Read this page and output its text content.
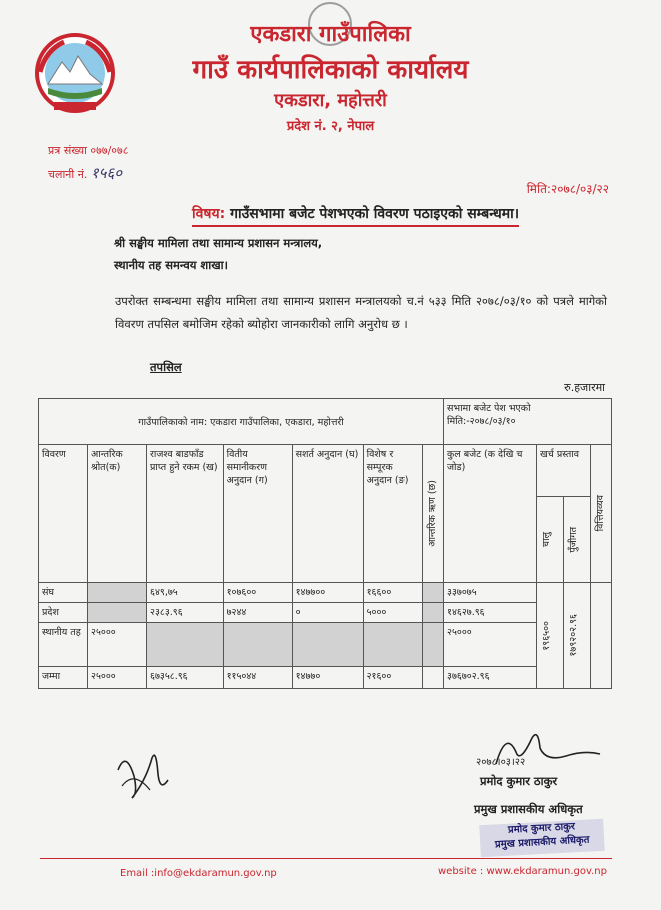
एकडारा गाउँपालिका
गाउँ कार्यपालिकाको कार्यालय
एकडारा, महोत्तरी
प्रदेश नं. २, नेपाल
प्रत्र संख्या ०७७/०७८
चलानी नं. १५६०
मिति:२०७८/०३/२२
विषय: गाउँसभामा बजेट पेशभएको विवरण पठाइएको सम्बन्धमा।
श्री सङ्घीय मामिला तथा सामान्य प्रशासन मन्त्रालय,
स्थानीय तह समन्वय शाखा।
उपरोक्त सम्बन्धमा सङ्घीय मामिला तथा सामान्य प्रशासन मन्त्रालयको च.नं ५३३ मिति २०७८/०३/१० को पत्रले मागेको विवरण तपसिल बमोजिम रहेको ब्योहोरा जानकारीको लागि अनुरोध छ ।
तपसिल
रु.हजारमा
गाउँपालिकाको नाम: एकडारा गाउँपालिका, एकडारा, महोत्तरी							सभामा बजेट पेश भएको
मिति:-२०७८/०३/१०			

विवरण	आन्तरिक श्रोत(क)	राजश्व बाडफाँड प्राप्त हुने रकम (ख)	वितीय समानीकरण अनुदान (ग)	सशर्त अनुदान (घ)	विशेष र सम्पूरक अनुदान (ङ)	आन्तरिक ऋण (छ)	कुल बजेट (क देखि च जोड)	खर्च प्रस्ताव		वित्तियव्यव

								चालु	पुँजीगत	

संघ		६४९,७५	१०७६००	१४७७००	१६६००		३३७०७५	१९६५००	१७९२०२.९६	

प्रदेश		२३८३.९६	७२४४	०	५०००		१४६२७.९६			
स्थानीय तह	२५०००						२५०००			
जम्मा	२५०००	६७३५८.९६	११५०४४	१४७७०	२१६००		३७६७०२.९६			
२०७८।०३।२२
प्रमोद कुमार ठाकुर
प्रमुख प्रशासकीय अधिकृत
प्रमोद कुमार ठाकुर
प्रमुख प्रशासकीय अधिकृत
Email :info@ekdaramun.gov.np	website : www.ekdaramun.gov.np
